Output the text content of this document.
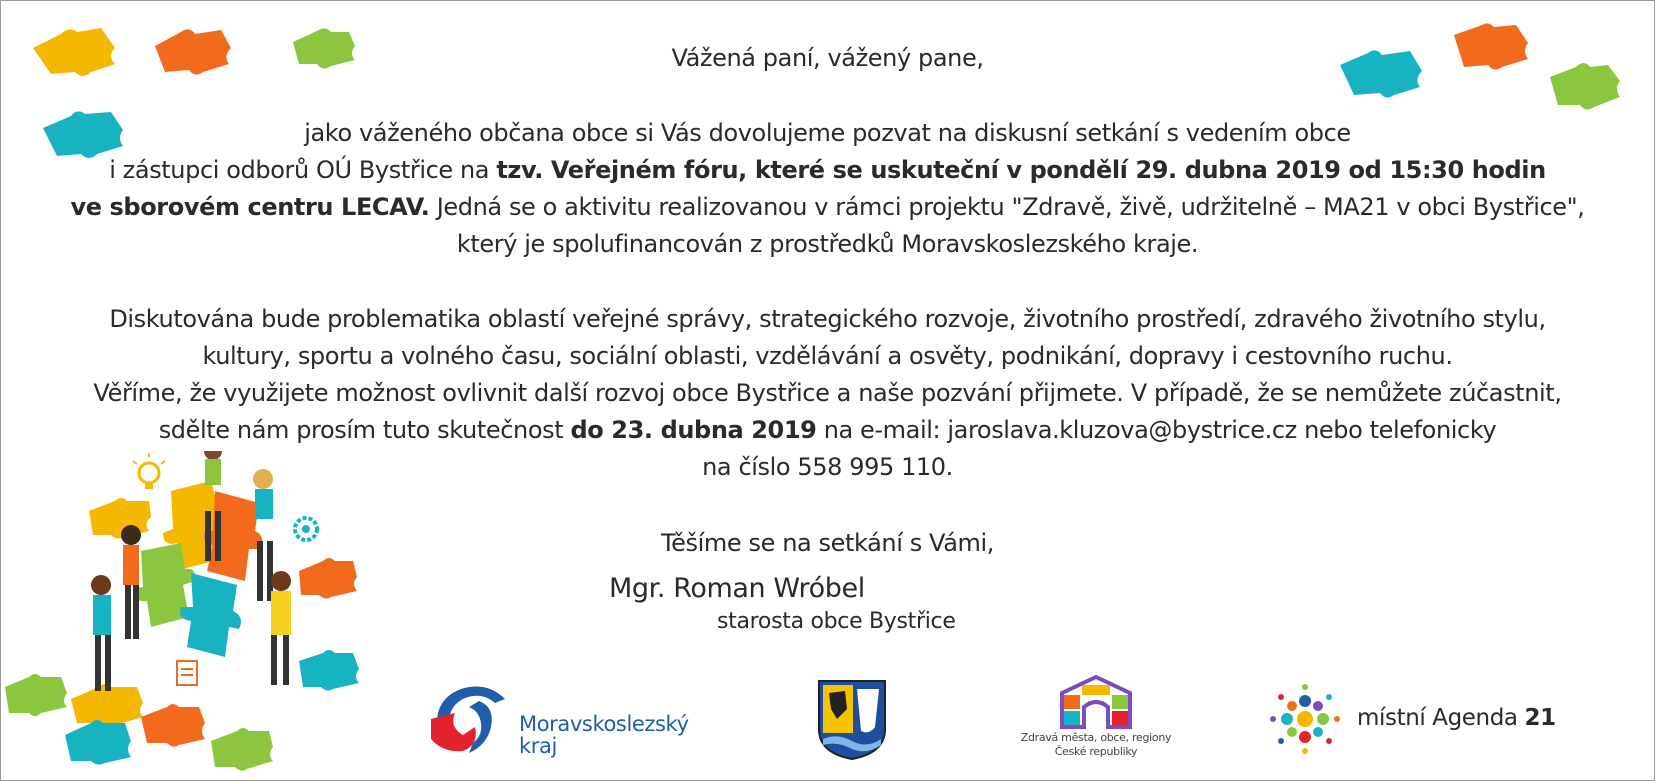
Vážená paní, vážený pane,
jako váženého občana obce si Vás dovolujeme pozvat na diskusní setkání s vedením obce
i zástupci odborů OÚ Bystřice na tzv. Veřejném fóru, které se uskuteční v pondělí 29. dubna 2019 od 15:30 hodin
ve sborovém centru LECAV. Jedná se o aktivitu realizovanou v rámci projektu "Zdravě, živě, udržitelně – MA21 v obci Bystřice",
který je spolufinancován z prostředků Moravskoslezského kraje.
Diskutována bude problematika oblastí veřejné správy, strategického rozvoje, životního prostředí, zdravého životního stylu,
kultury, sportu a volného času, sociální oblasti, vzdělávání a osvěty, podnikání, dopravy i cestovního ruchu.
Věříme, že využijete možnost ovlivnit další rozvoj obce Bystřice a naše pozvání přijmete. V případě, že se nemůžete zúčastnit,
sdělte nám prosím tuto skutečnost do 23. dubna 2019 na e-mail: jaroslava.kluzova@bystrice.cz nebo telefonicky
na číslo 558 995 110.
Těšíme se na setkání s Vámi,
Mgr. Roman Wróbel
starosta obce Bystřice
Moravskoslezský
kraj	Zdravá města, obce, regiony
České republiky
místní Agenda 21
